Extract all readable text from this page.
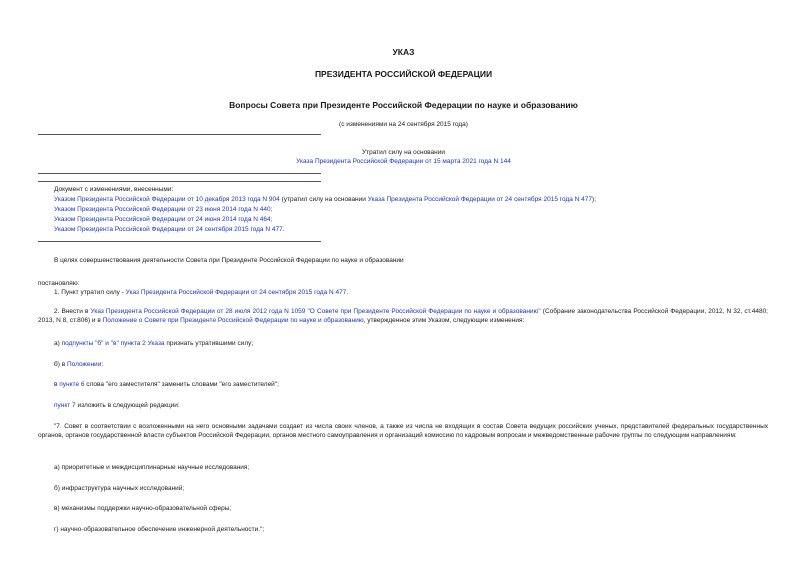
УКАЗ
ПРЕЗИДЕНТА РОССИЙСКОЙ ФЕДЕРАЦИИ
Вопросы Совета при Президенте Российской Федерации по науке и образованию
(с изменениями на 24 сентября 2015 года)
Утратил силу на основании
Указа Президента Российской Федерации от 15 марта 2021 года N 144
Документ с изменениями, внесенными:
Указом Президента Российской Федерации от 10 декабря 2013 года N 904 (утратил силу на основании Указа Президента Российской Федерации от 24 сентября 2015 года N 477);
Указом Президента Российской Федерации от 23 июня 2014 года N 440;
Указом Президента Российской Федерации от 24 июня 2014 года N 464;
Указом Президента Российской Федерации от 24 сентября 2015 года N 477.
В целях совершенствования деятельности Совета при Президенте Российской Федерации по науке и образовании
постановляю:
1. Пункт утратил силу - Указ Президента Российской Федерации от 24 сентября 2015 года N 477.
2. Внести в Указ Президента Российской Федерации от 28 июля 2012 года N 1059 "О Совете при Президенте Российской Федерации по науке и образованию" (Собрание законодательства Российской Федерации, 2012, N 32, ст.4480; 2013, N 8, ст.806) и в Положение о Совете при Президенте Российской Федерации по науке и образованию, утвержденное этим Указом, следующие изменения:
а) подпункты "б" и "в" пункта 2 Указа признать утратившими силу;
б) в Положении:
в пункте 6 слова "его заместителя" заменить словами "его заместителей";
пункт 7 изложить в следующей редакции:
"7. Совет в соответствии с возложенными на него основными задачами создает из числа своих членов, а также из числа не входящих в состав Совета ведущих российских ученых, представителей федеральных государственных органов, органов государственной власти субъектов Российской Федерации, органов местного самоуправления и организаций комиссию по кадровым вопросам и межведомственные рабочие группы по следующим направлениям:
а) приоритетные и междисциплинарные научные исследования;
б) инфраструктура научных исследований;
в) механизмы поддержки научно-образовательной сферы;
г) научно-образовательное обеспечение инженерной деятельности.";
